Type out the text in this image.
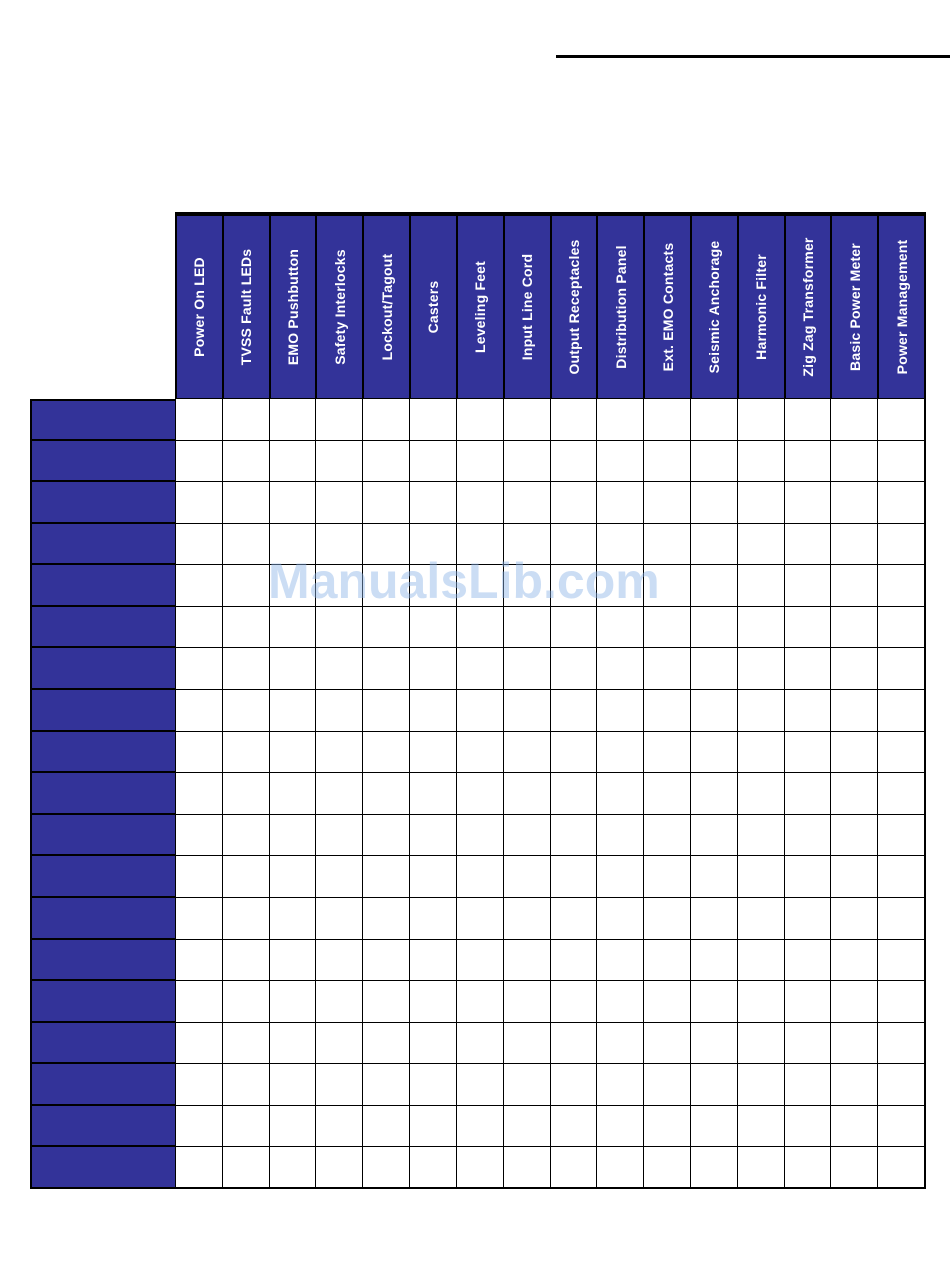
Power On LED TVSS Fault LEDs EMO Pushbutton Safety Interlocks Lockout/Tagout Casters Leveling Feet Input Line Cord Output Receptacles Distribution Panel Ext. EMO Contacts Seismic Anchorage Harmonic Filter Zig Zag Transformer Basic Power Meter Power Management
ManualsLib.com
